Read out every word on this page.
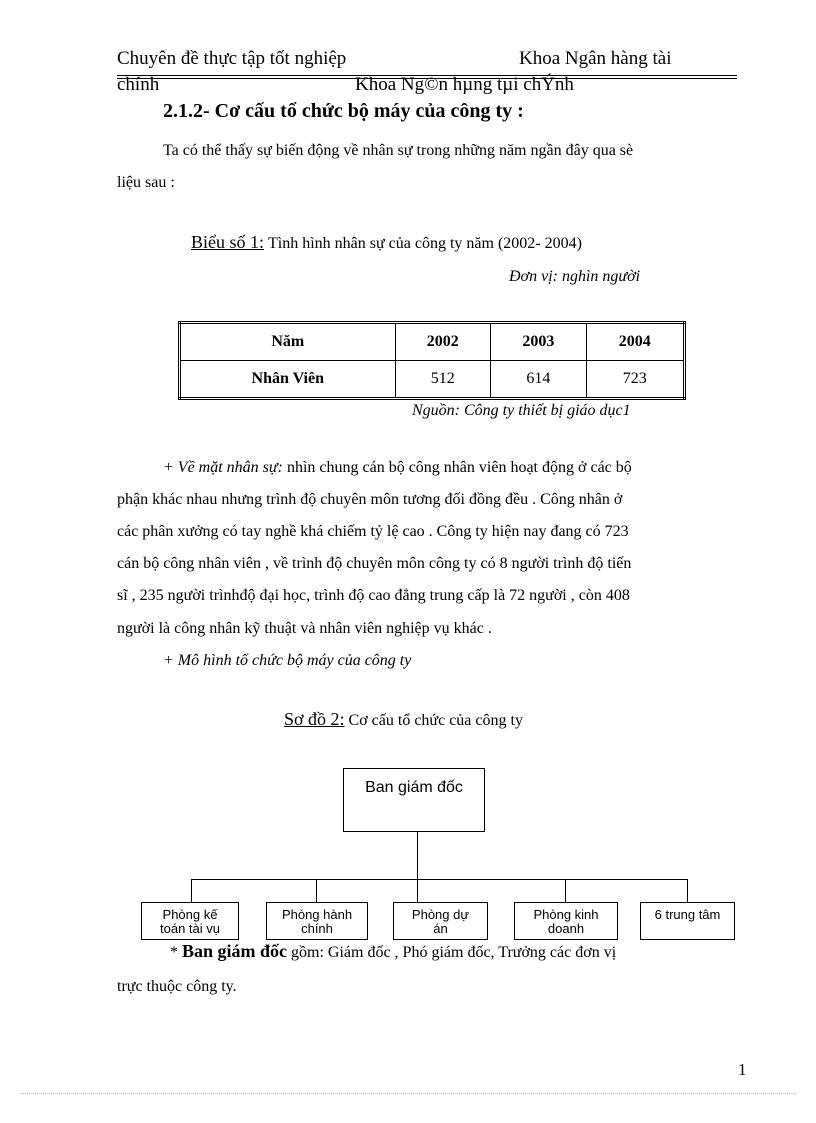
Chuyên đề thực tập tốt nghiệp	Khoa Ngân hàng tài
chính	Khoa Ng©n hµng tµi chÝnh
2.1.2- Cơ cấu tổ chức bộ máy của công ty :
Ta có thể thấy sự biến động về nhân sự trong những năm ngần đây qua sè
liệu sau :
Biểu số 1: Tình hình nhân sự của công ty năm (2002- 2004)
Đơn vị: nghìn người
Năm	2002	2003	2004
Nhân Viên	512	614	723
Nguồn: Công ty thiết bị giáo dục1
+ Về mặt nhân sự: nhìn chung cán bộ công nhân viên hoạt động ở các bộ
phận khác nhau nhưng trình độ chuyên môn tương đối đồng đều . Công nhân ở
các phân xưởng có tay nghề khá chiếm tỷ lệ cao . Công ty hiện nay đang có 723
cán bộ công nhân viên , về trình độ chuyên môn công ty có 8 người trình độ tiến
sĩ , 235 người trìnhđộ đại học, trình độ cao đẳng trung cấp là 72 người , còn 408
người là công nhân kỹ thuật và nhân viên nghiệp vụ khác .
+ Mô hình tổ chức bộ máy của công ty
Sơ đồ 2: Cơ cấu tổ chức của công ty
Ban giám đốc
* Ban giám đốc gồm: Giám đốc , Phó giám đốc, Trưởng các đơn vị
Phòng kế
toán tài vụ
Phòng hành
chính
Phòng dự
án
Phòng kinh
doanh
6 trung tâm
trực thuộc công ty.
1
